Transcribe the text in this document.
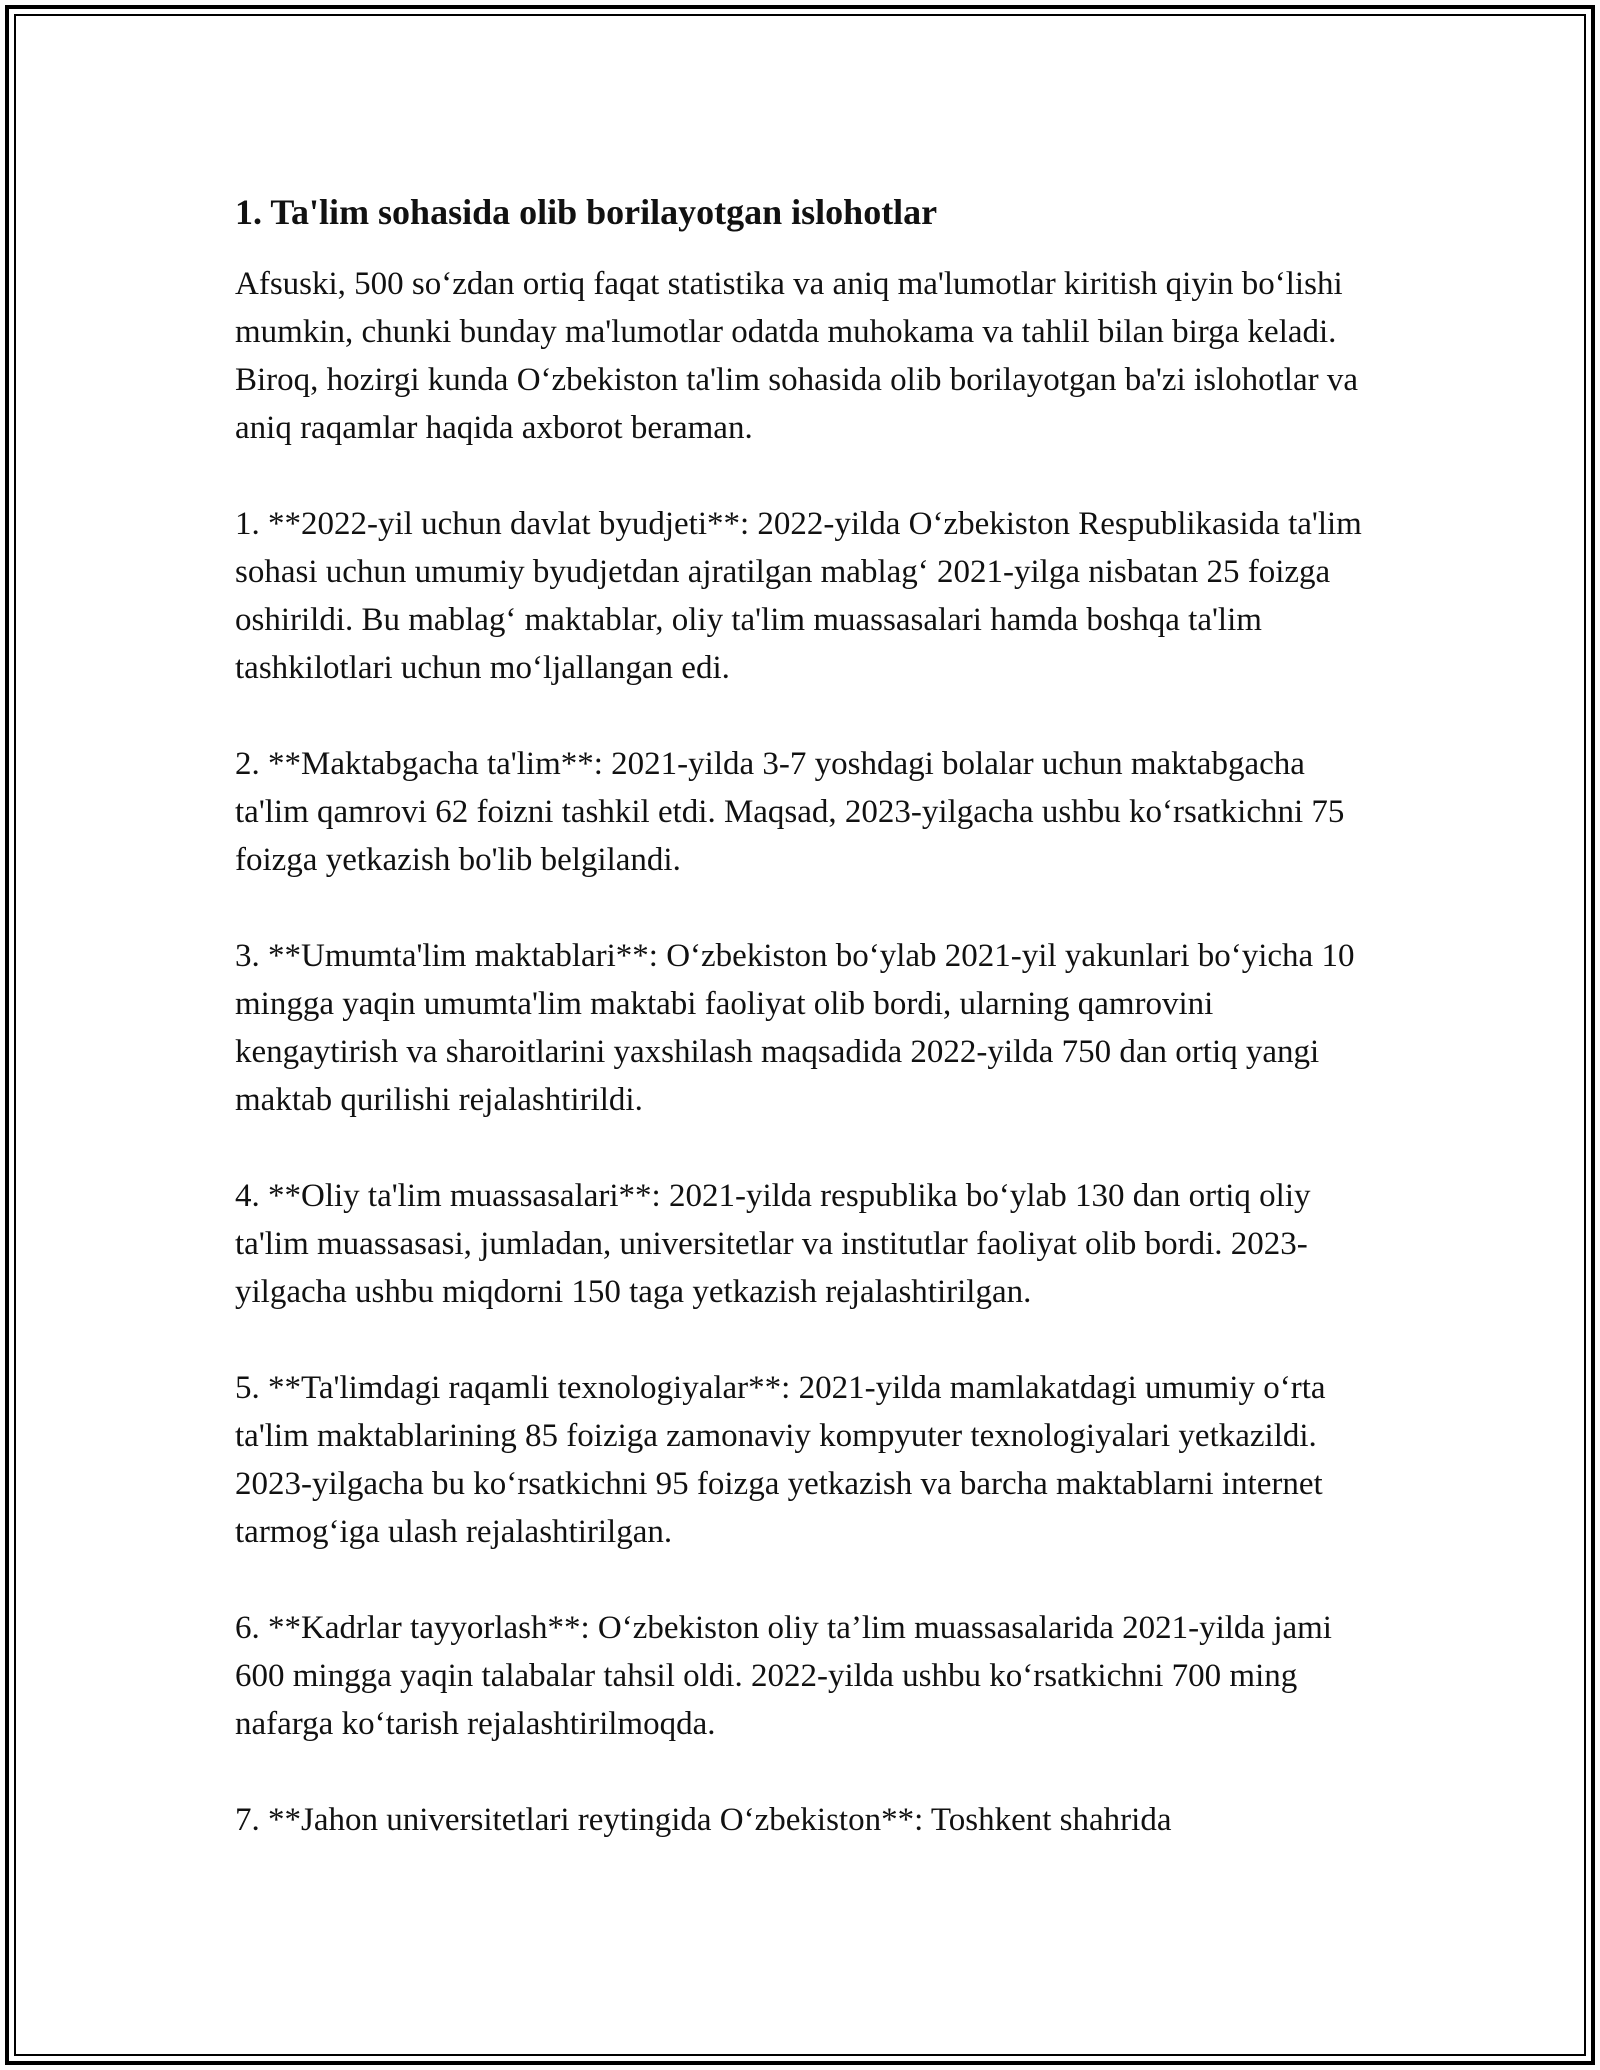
1. Ta'lim sohasida olib borilayotgan islohotlar

Afsuski, 500 so‘zdan ortiq faqat statistika va aniq ma'lumotlar kiritish qiyin bo‘lishi mumkin, chunki bunday ma'lumotlar odatda muhokama va tahlil bilan birga keladi. Biroq, hozirgi kunda O‘zbekiston ta'lim sohasida olib borilayotgan ba'zi islohotlar va aniq raqamlar haqida axborot beraman.

1. **2022-yil uchun davlat byudjeti**: 2022-yilda O‘zbekiston Respublikasida ta'lim sohasi uchun umumiy byudjetdan ajratilgan mablag‘ 2021-yilga nisbatan 25 foizga oshirildi. Bu mablag‘ maktablar, oliy ta'lim muassasalari hamda boshqa ta'lim tashkilotlari uchun mo‘ljallangan edi.

2. **Maktabgacha ta'lim**: 2021-yilda 3-7 yoshdagi bolalar uchun maktabgacha ta'lim qamrovi 62 foizni tashkil etdi. Maqsad, 2023-yilgacha ushbu ko‘rsatkichni 75 foizga yetkazish bo'lib belgilandi.

3. **Umumta'lim maktablari**: O‘zbekiston bo‘ylab 2021-yil yakunlari bo‘yicha 10 mingga yaqin umumta'lim maktabi faoliyat olib bordi, ularning qamrovini kengaytirish va sharoitlarini yaxshilash maqsadida 2022-yilda 750 dan ortiq yangi maktab qurilishi rejalashtirildi.

4. **Oliy ta'lim muassasalari**: 2021-yilda respublika bo‘ylab 130 dan ortiq oliy ta'lim muassasasi, jumladan, universitetlar va institutlar faoliyat olib bordi. 2023-yilgacha ushbu miqdorni 150 taga yetkazish rejalashtirilgan.

5. **Ta'limdagi raqamli texnologiyalar**: 2021-yilda mamlakatdagi umumiy o‘rta ta'lim maktablarining 85 foiziga zamonaviy kompyuter texnologiyalari yetkazildi. 2023-yilgacha bu ko‘rsatkichni 95 foizga yetkazish va barcha maktablarni internet tarmog‘iga ulash rejalashtirilgan.

6. **Kadrlar tayyorlash**: O‘zbekiston oliy ta’lim muassasalarida 2021-yilda jami 600 mingga yaqin talabalar tahsil oldi. 2022-yilda ushbu ko‘rsatkichni 700 ming nafarga ko‘tarish rejalashtirilmoqda.

7. **Jahon universitetlari reytingida O‘zbekiston**: Toshkent shahrida
